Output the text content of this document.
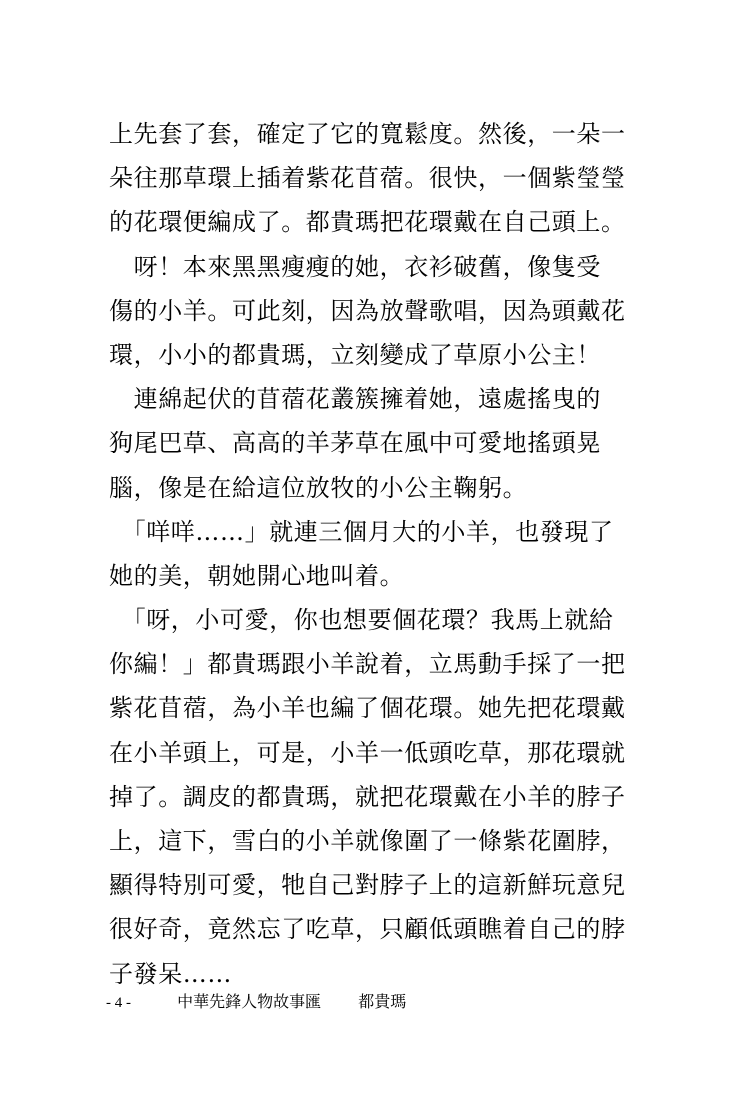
上先套了套，確定了它的寬鬆度。然後，一朵一
朵往那草環上插着紫花苜蓿。很快，一個紫瑩瑩
的花環便編成了。都貴瑪把花環戴在自己頭上。
　呀！本來黑黑瘦瘦的她，衣衫破舊，像隻受
傷的小羊。可此刻，因為放聲歌唱，因為頭戴花
環，小小的都貴瑪，立刻變成了草原小公主！
　連綿起伏的苜蓿花叢簇擁着她，遠處搖曳的
狗尾巴草、高高的羊茅草在風中可愛地搖頭晃
腦，像是在給這位放牧的小公主鞠躬。
　「咩咩……」就連三個月大的小羊，也發現了
她的美，朝她開心地叫着。
　「呀，小可愛，你也想要個花環？我馬上就給
你編！」都貴瑪跟小羊說着，立馬動手採了一把
紫花苜蓿，為小羊也編了個花環。她先把花環戴
在小羊頭上，可是，小羊一低頭吃草，那花環就
掉了。調皮的都貴瑪，就把花環戴在小羊的脖子
上，這下，雪白的小羊就像圍了一條紫花圍脖，
顯得特別可愛，牠自己對脖子上的這新鮮玩意兒
很好奇，竟然忘了吃草，只顧低頭瞧着自己的脖
子發呆……
- 4 -	中華先鋒人物故事匯 都貴瑪
